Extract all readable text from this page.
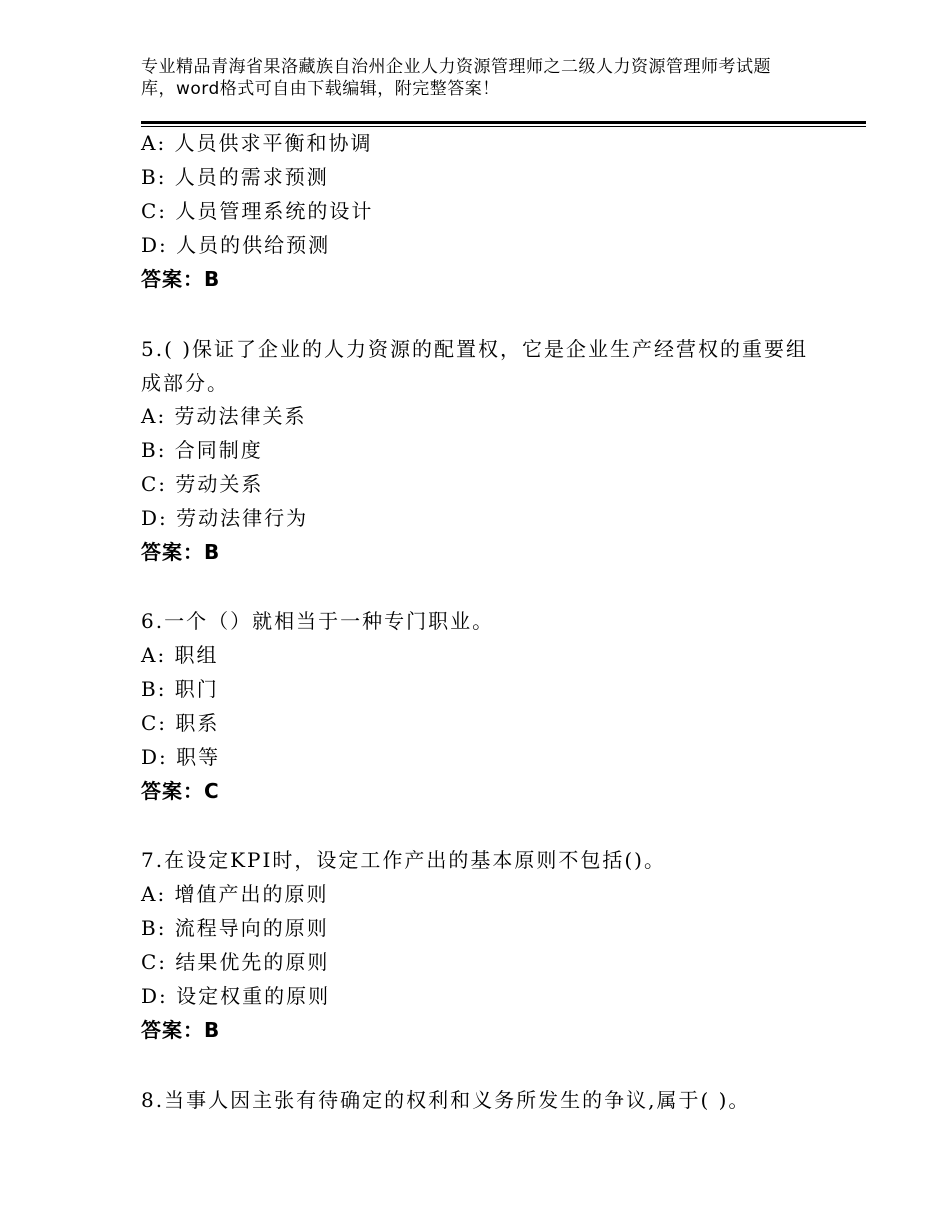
专业精品青海省果洛藏族自治州企业人力资源管理师之二级人力资源管理师考试题
库，word格式可自由下载编辑，附完整答案！
A: 人员供求平衡和协调
B: 人员的需求预测
C: 人员管理系统的设计
D: 人员的供给预测
答案：B
5.( )保证了企业的人力资源的配置权，它是企业生产经营权的重要组
成部分。
A: 劳动法律关系
B: 合同制度
C: 劳动关系
D: 劳动法律行为
答案：B
6.一个（）就相当于一种专门职业。
A: 职组
B: 职门
C: 职系
D: 职等
答案：C
7.在设定KPI时，设定工作产出的基本原则不包括()。
A: 增值产出的原则
B: 流程导向的原则
C: 结果优先的原则
D: 设定权重的原则
答案：B
8.当事人因主张有待确定的权利和义务所发生的争议,属于( )。
